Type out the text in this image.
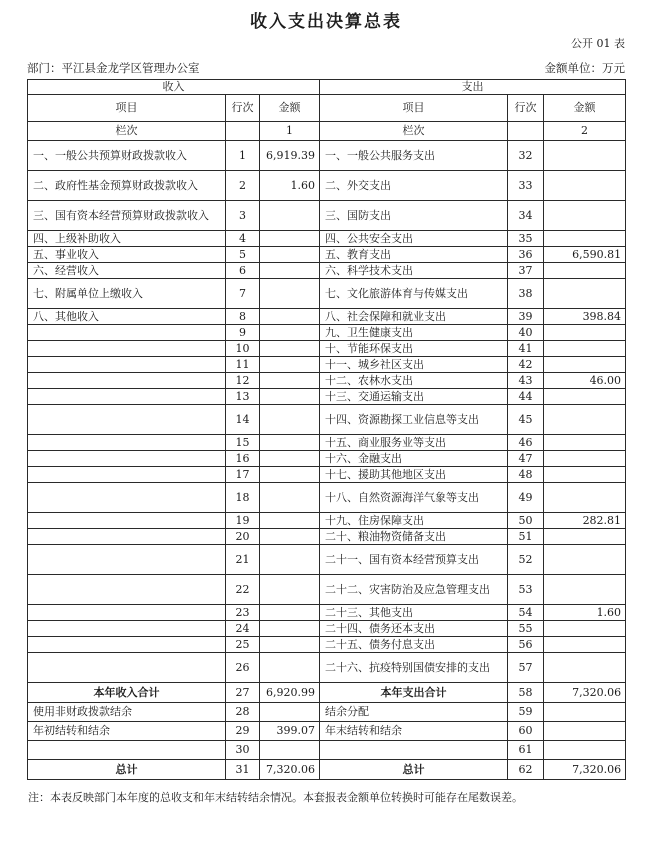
收入支出决算总表
公开 01 表
部门：平江县金龙学区管理办公室	金额单位：万元
收入			支出		
项目	行次	金额	项目	行次	金额
栏次		1	栏次		2
一、一般公共预算财政拨款收入	1	6,919.39	一、一般公共服务支出	32	
二、政府性基金预算财政拨款收入	2	1.60	二、外交支出	33	
三、国有资本经营预算财政拨款收入	3		三、国防支出	34	
四、上级补助收入	4		四、公共安全支出	35	
五、事业收入	5		五、教育支出	36	6,590.81
六、经营收入	6		六、科学技术支出	37	
七、附属单位上缴收入	7		七、文化旅游体育与传媒支出	38	
八、其他收入	8		八、社会保障和就业支出	39	398.84
	9		九、卫生健康支出	40	
	10		十、节能环保支出	41	
	11		十一、城乡社区支出	42	
	12		十二、农林水支出	43	46.00
	13		十三、交通运输支出	44	
	14		十四、资源勘探工业信息等支出	45	
	15		十五、商业服务业等支出	46	
	16		十六、金融支出	47	
	17		十七、援助其他地区支出	48	
	18		十八、自然资源海洋气象等支出	49	
	19		十九、住房保障支出	50	282.81
	20		二十、粮油物资储备支出	51	
	21		二十一、国有资本经营预算支出	52	
	22		二十二、灾害防治及应急管理支出	53	
	23		二十三、其他支出	54	1.60
	24		二十四、债务还本支出	55	
	25		二十五、债务付息支出	56	
	26		二十六、抗疫特别国债安排的支出	57	
本年收入合计	27	6,920.99	本年支出合计	58	7,320.06
使用非财政拨款结余	28		结余分配	59	
年初结转和结余	29	399.07	年末结转和结余	60	
	30			61	
总计	31	7,320.06	总计	62	7,320.06
注：本表反映部门本年度的总收支和年末结转结余情况。本套报表金额单位转换时可能存在尾数误差。
